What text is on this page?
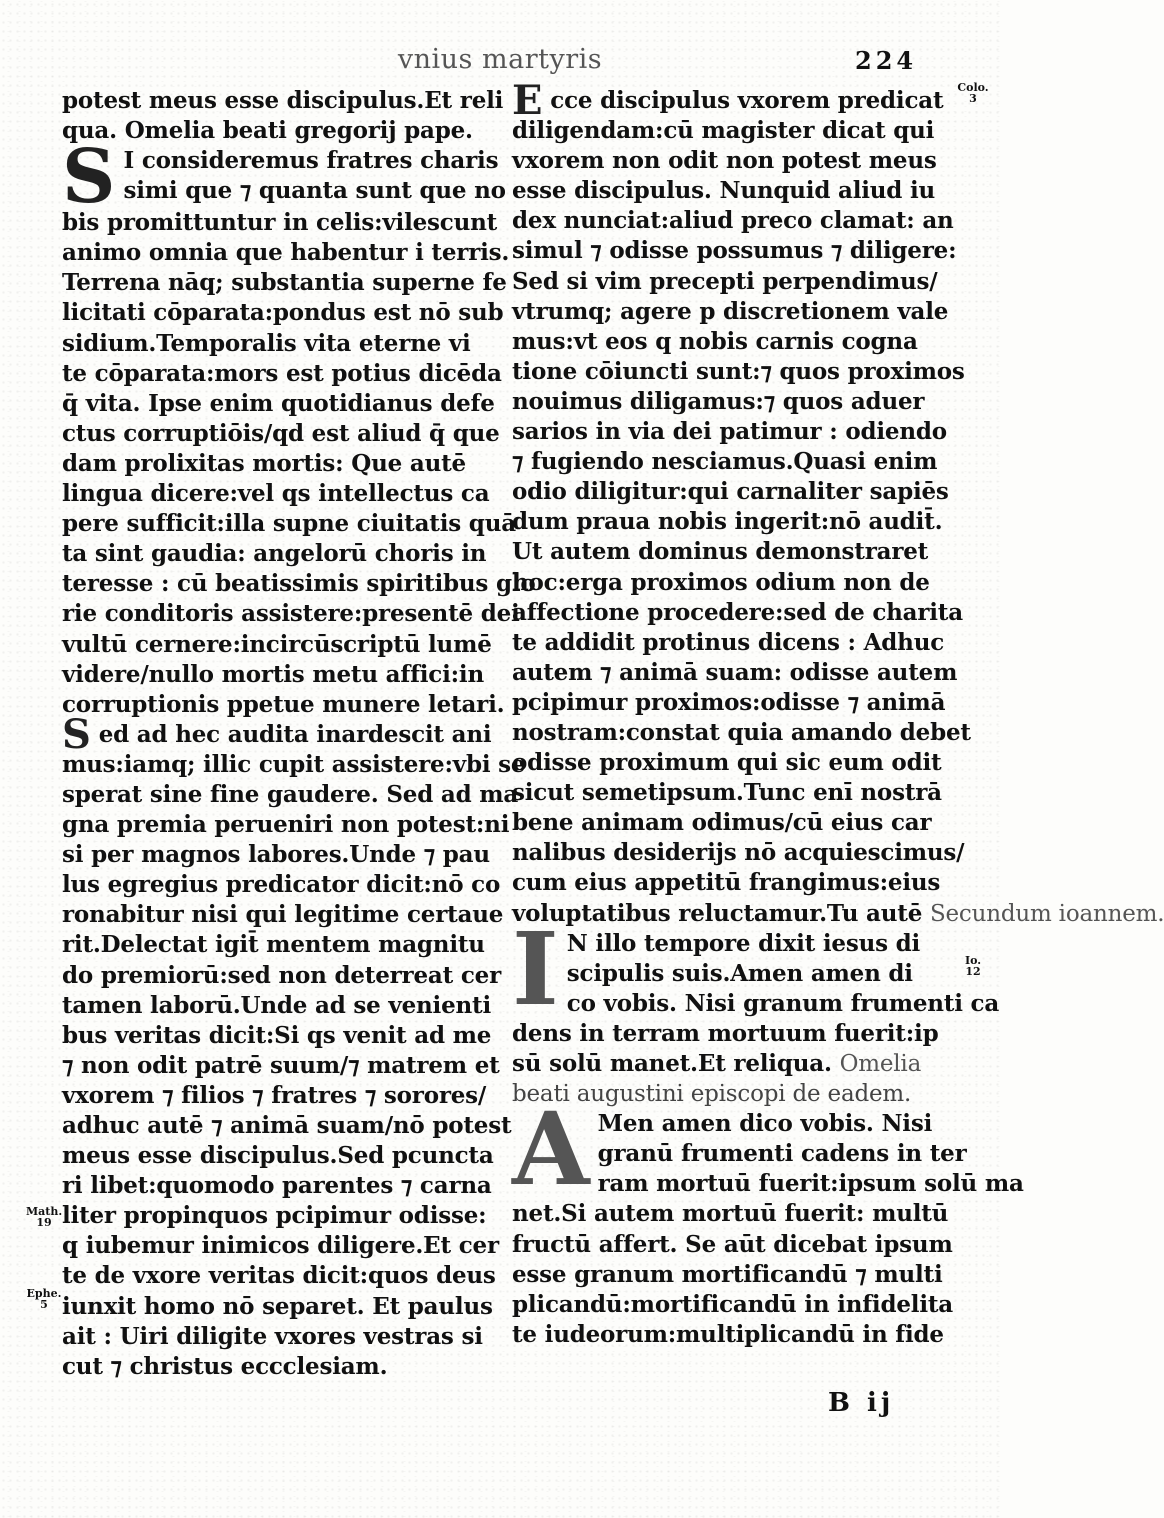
vnius martyris	224
potest meus esse discipulus.Et reli
qua. Omelia beati gregorij pape.
S I consideremus fratres charis
simi que ⁊ quanta sunt que no
bis promittuntur in celis:vilescunt
animo omnia que habentur i terris.
Terrena nāq; substantia superne fe
licitati cōparata:pondus est nō sub
sidium.Temporalis vita eterne vi
te cōparata:mors est potius dicēda
q̄ vita. Ipse enim quotidianus defe
ctus corruptiōis/qd est aliud q̄ que
dam prolixitas mortis: Que autē
lingua dicere:vel qs intellectus ca
pere sufficit:illa supne ciuitatis quā
ta sint gaudia: angelorū choris in
teresse : cū beatissimis spiritibus glo
rie conditoris assistere:presentē dei
vultū cernere:incircūscriptū lumē
videre/nullo mortis metu affici:in
corruptionis ppetue munere letari.
Sed ad hec audita inardescit ani
mus:iamq; illic cupit assistere:vbi se
sperat sine fine gaudere. Sed ad ma
gna premia perueniri non potest:ni
si per magnos labores.Unde ⁊ pau
lus egregius predicator dicit:nō co
ronabitur nisi qui legitime certaue
rit.Delectat igit̄ mentem magnitu
do premiorū:sed non deterreat cer
tamen laborū.Unde ad se venienti
bus veritas dicit:Si qs venit ad me
⁊ non odit patrē suum/⁊ matrem et
vxorem ⁊ filios ⁊ fratres ⁊ sorores/
adhuc autē ⁊ animā suam/nō potest
meus esse discipulus.Sed pcuncta
ri libet:quomodo parentes ⁊ carna
liter propinquos pcipimur odisse:
q iubemur inimicos diligere.Et cer
te de vxore veritas dicit:quos deus
iunxit homo nō separet. Et paulus
ait : Uiri diligite vxores vestras si
cut ⁊ christus eccclesiam.
Math. 19
Ephe. 5
Ecce discipulus vxorem predicat
diligendam:cū magister dicat qui
vxorem non odit non potest meus
esse discipulus. Nunquid aliud iu
dex nunciat:aliud preco clamat: an
simul ⁊ odisse possumus ⁊ diligere:
Sed si vim precepti perpendimus/
vtrumq; agere p discretionem vale
mus:vt eos q nobis carnis cogna
tione cōiuncti sunt:⁊ quos proximos
nouimus diligamus:⁊ quos aduer
sarios in via dei patimur : odiendo
⁊ fugiendo nesciamus.Quasi enim
odio diligitur:qui carnaliter sapiēs
dum praua nobis ingerit:nō audit̄.
Ut autem dominus demonstraret
hoc:erga proximos odium non de
affectione procedere:sed de charita
te addidit protinus dicens : Adhuc
autem ⁊ animā suam: odisse autem
pcipimur proximos:odisse ⁊ animā
nostram:constat quia amando debet
odisse proximum qui sic eum odit
sicut semetipsum.Tunc enī nostrā
bene animam odimus/cū eius car
nalibus desiderijs nō acquiescimus/
cum eius appetitū frangimus:eius
voluptatibus reluctamur.Tu autē Secundum ioannem.
I N illo tempore dixit iesus di
scipulis suis.Amen amen di
co vobis. Nisi granum frumenti ca
dens in terram mortuum fuerit:ip
sū solū manet.Et reliqua. Omelia
beati augustini episcopi de eadem.
A Men amen dico vobis. Nisi
granū frumenti cadens in ter
ram mortuū fuerit:ipsum solū ma
net.Si autem mortuū fuerit: multū
fructū affert. Se aūt dicebat ipsum
esse granum mortificandū ⁊ multi
plicandū:mortificandū in infidelita
te iudeorum:multiplicandū in fide
Colo. 3
Io. 12
B ij
